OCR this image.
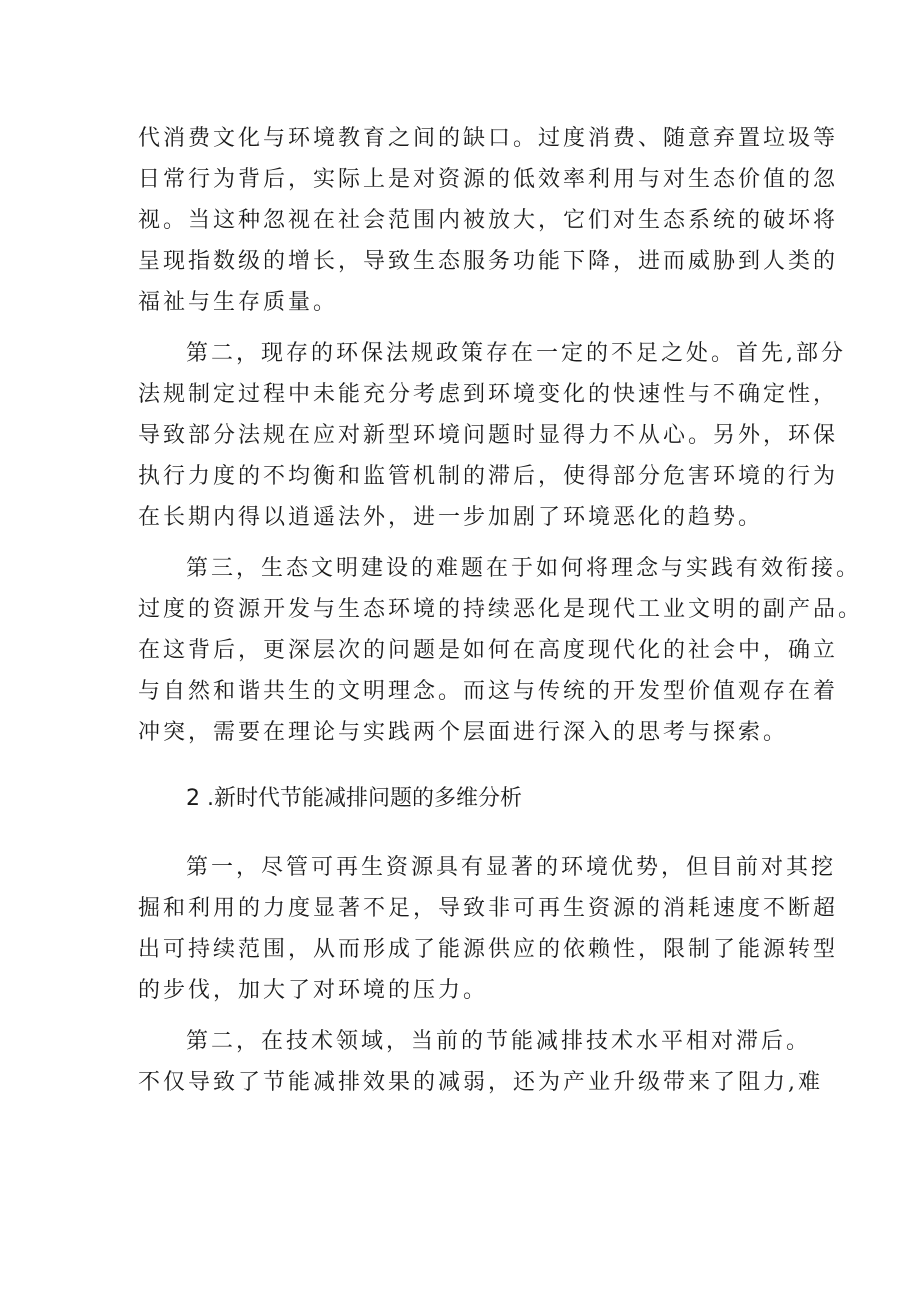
代消费文化与环境教育之间的缺口。过度消费、随意弃置垃圾等
日常行为背后，实际上是对资源的低效率利用与对生态价值的忽
视。当这种忽视在社会范围内被放大，它们对生态系统的破坏将
呈现指数级的增长，导致生态服务功能下降，进而威胁到人类的
福祉与生存质量。

第二，现存的环保法规政策存在一定的不足之处。首先,部分
法规制定过程中未能充分考虑到环境变化的快速性与不确定性，
导致部分法规在应对新型环境问题时显得力不从心。另外，环保
执行力度的不均衡和监管机制的滞后，使得部分危害环境的行为
在长期内得以逍遥法外，进一步加剧了环境恶化的趋势。

第三，生态文明建设的难题在于如何将理念与实践有效衔接。
过度的资源开发与生态环境的持续恶化是现代工业文明的副产品。
在这背后，更深层次的问题是如何在高度现代化的社会中，确立
与自然和谐共生的文明理念。而这与传统的开发型价值观存在着
冲突，需要在理论与实践两个层面进行深入的思考与探索。

2 .新时代节能减排问题的多维分析

第一，尽管可再生资源具有显著的环境优势，但目前对其挖
掘和利用的力度显著不足，导致非可再生资源的消耗速度不断超
出可持续范围，从而形成了能源供应的依赖性，限制了能源转型
的步伐，加大了对环境的压力。

第二，在技术领域，当前的节能减排技术水平相对滞后。
不仅导致了节能减排效果的减弱，还为产业升级带来了阻力,难
